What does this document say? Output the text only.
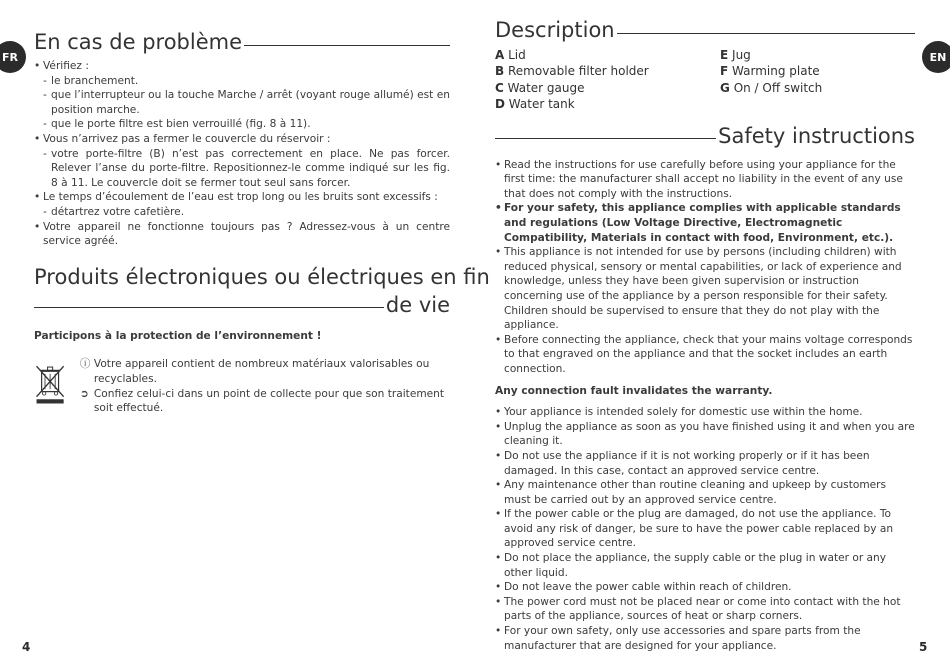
FR	EN
4	5
En cas de problème
• Vérifiez :
- le branchement.
- que l’interrupteur ou la touche Marche / arrêt (voyant rouge allumé) est en position marche.
- que le porte filtre est bien verrouillé (fig. 8 à 11).
• Vous n’arrivez pas a fermer le couvercle du réservoir :
- votre porte-filtre (B) n’est pas correctement en place. Ne pas forcer. Relever l’anse du porte-filtre. Repositionnez-le comme indiqué sur les fig. 8 à 11. Le couvercle doit se fermer tout seul sans forcer.
• Le temps d’écoulement de l’eau est trop long ou les bruits sont excessifs :
- détartrez votre cafetière.
• Votre appareil ne fonctionne toujours pas ? Adressez-vous à un centre service agréé.
Produits électroniques ou électriques en fin
de vie
Participons à la protection de l’environnement !
ⓘ Votre appareil contient de nombreux matériaux valorisables ou recyclables.
➲ Confiez celui-ci dans un point de collecte pour que son traitement soit effectué.
Description
A Lid	E Jug
B Removable filter holder	F Warming plate
C Water gauge	G On / Off switch
D Water tank
Safety instructions
• Read the instructions for use carefully before using your appliance for the first time: the manufacturer shall accept no liability in the event of any use that does not comply with the instructions.
• For your safety, this appliance complies with applicable standards and regulations (Low Voltage Directive, Electromagnetic Compatibility, Materials in contact with food, Environment, etc.).
• This appliance is not intended for use by persons (including children) with reduced physical, sensory or mental capabilities, or lack of experience and knowledge, unless they have been given supervision or instruction concerning use of the appliance by a person responsible for their safety. Children should be supervised to ensure that they do not play with the appliance.
• Before connecting the appliance, check that your mains voltage corresponds to that engraved on the appliance and that the socket includes an earth connection.
Any connection fault invalidates the warranty.
• Your appliance is intended solely for domestic use within the home.
• Unplug the appliance as soon as you have finished using it and when you are cleaning it.
• Do not use the appliance if it is not working properly or if it has been damaged. In this case, contact an approved service centre.
• Any maintenance other than routine cleaning and upkeep by customers must be carried out by an approved service centre.
• If the power cable or the plug are damaged, do not use the appliance. To avoid any risk of danger, be sure to have the power cable replaced by an approved service centre.
• Do not place the appliance, the supply cable or the plug in water or any other liquid.
• Do not leave the power cable within reach of children.
• The power cord must not be placed near or come into contact with the hot parts of the appliance, sources of heat or sharp corners.
• For your own safety, only use accessories and spare parts from the manufacturer that are designed for your appliance.
